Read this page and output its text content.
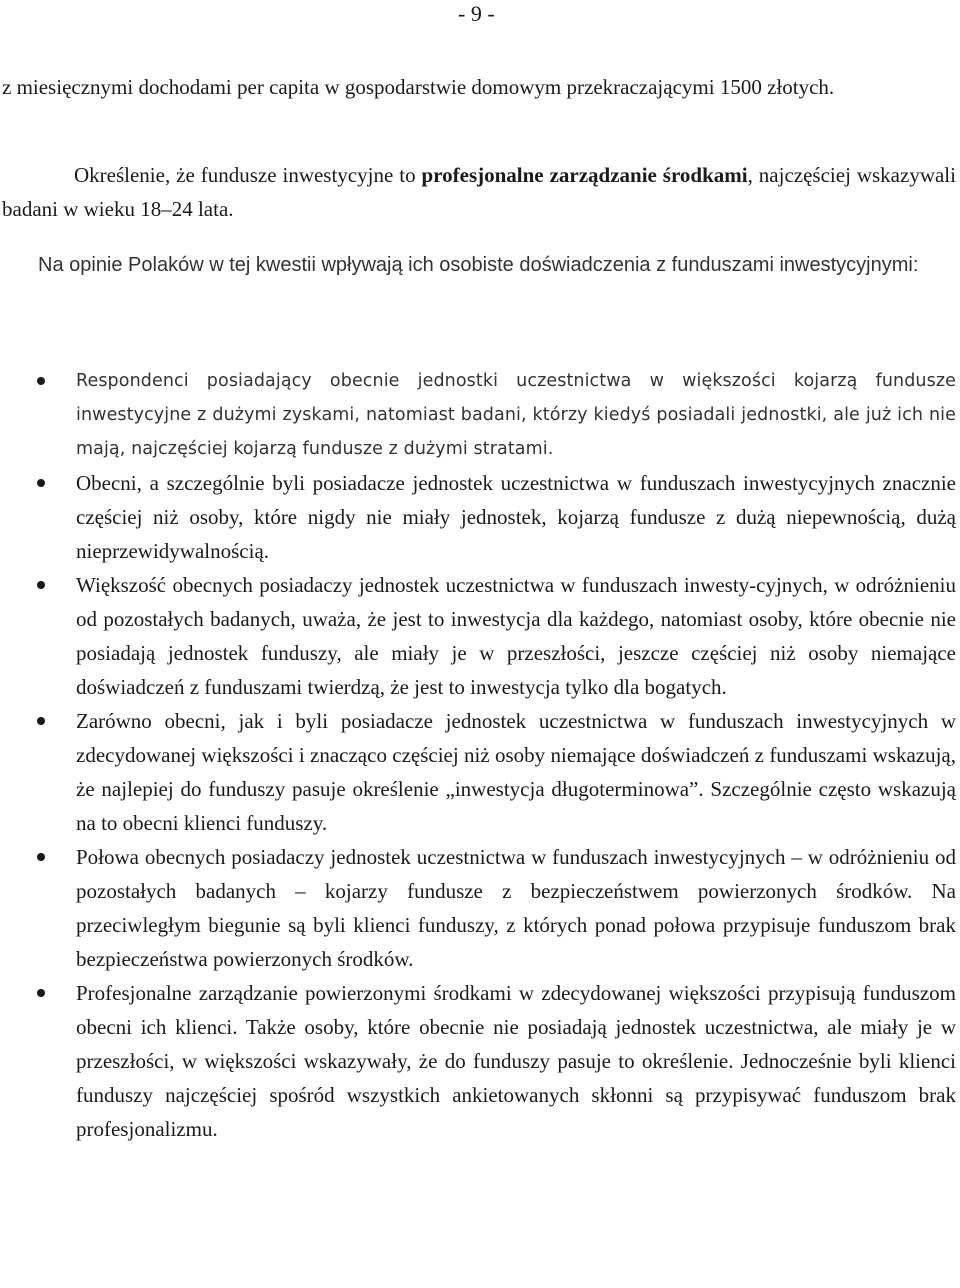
- 9 -
z miesięcznymi dochodami per capita w gospodarstwie domowym przekraczającymi 1500 złotych.
Określenie, że fundusze inwestycyjne to profesjonalne zarządzanie środkami, najczęściej wskazywali badani w wieku 18–24 lata.
Na opinie Polaków w tej kwestii wpływają ich osobiste doświadczenia z funduszami inwestycyjnymi:
Respondenci posiadający obecnie jednostki uczestnictwa w większości kojarzą fundusze inwestycyjne z dużymi zyskami, natomiast badani, którzy kiedyś posiadali jednostki, ale już ich nie mają, najczęściej kojarzą fundusze z dużymi stratami.
Obecni, a szczególnie byli posiadacze jednostek uczestnictwa w funduszach inwestycyjnych znacznie częściej niż osoby, które nigdy nie miały jednostek, kojarzą fundusze z dużą niepewnością, dużą nieprzewidywalnością.
Większość obecnych posiadaczy jednostek uczestnictwa w funduszach inwesty-cyjnych, w odróżnieniu od pozostałych badanych, uważa, że jest to inwestycja dla każdego, natomiast osoby, które obecnie nie posiadają jednostek funduszy, ale miały je w przeszłości, jeszcze częściej niż osoby niemające doświadczeń z funduszami twierdzą, że jest to inwestycja tylko dla bogatych.
Zarówno obecni, jak i byli posiadacze jednostek uczestnictwa w funduszach inwestycyjnych w zdecydowanej większości i znacząco częściej niż osoby niemające doświadczeń z funduszami wskazują, że najlepiej do funduszy pasuje określenie „inwestycja długoterminowa”. Szczególnie często wskazują na to obecni klienci funduszy.
Połowa obecnych posiadaczy jednostek uczestnictwa w funduszach inwestycyjnych – w odróżnieniu od pozostałych badanych – kojarzy fundusze z bezpieczeństwem powierzonych środków. Na przeciwległym biegunie są byli klienci funduszy, z których ponad połowa przypisuje funduszom brak bezpieczeństwa powierzonych środków.
Profesjonalne zarządzanie powierzonymi środkami w zdecydowanej większości przypisują funduszom obecni ich klienci. Także osoby, które obecnie nie posiadają jednostek uczestnictwa, ale miały je w przeszłości, w większości wskazywały, że do funduszy pasuje to określenie. Jednocześnie byli klienci funduszy najczęściej spośród wszystkich ankietowanych skłonni są przypisywać funduszom brak profesjonalizmu.
